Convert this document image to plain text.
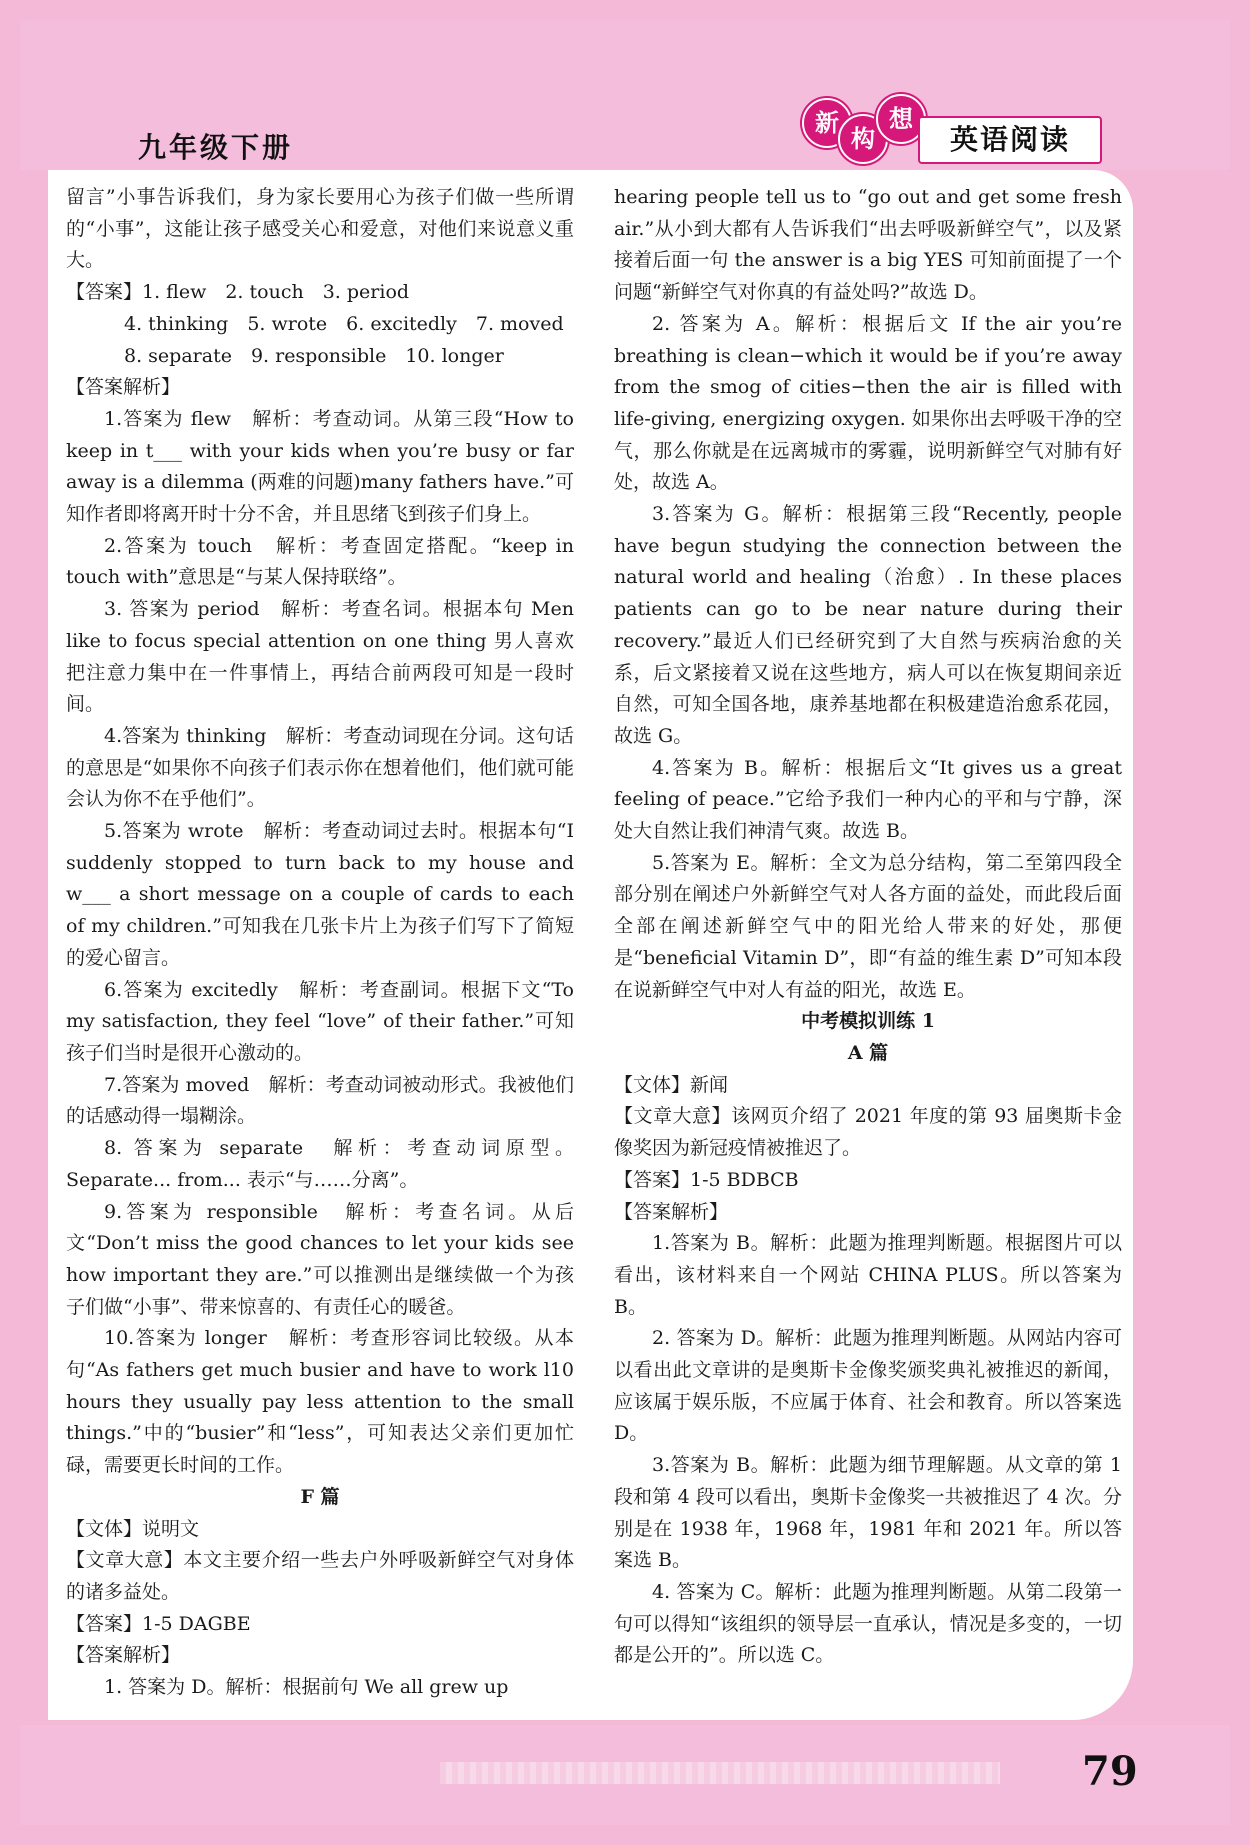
九年级下册
新
构
想
英语阅读

留言”小事告诉我们，身为家长要用心为孩子们做一些所谓的“小事”，这能让孩子感受关心和爱意，对他们来说意义重大。

【答案】1. flew　2. touch　3. period

4. thinking　5. wrote　6. excitedly　7. moved

8. separate　9. responsible　10. longer

【答案解析】

1.答案为 flew　解析：考查动词。从第三段“How to keep in t___ with your kids when you’re busy or far away is a dilemma (两难的问题)many fathers have.”可知作者即将离开时十分不舍，并且思绪飞到孩子们身上。

2.答案为 touch　解析：考查固定搭配。“keep in touch with”意思是“与某人保持联络”。

3. 答案为 period　解析：考查名词。根据本句 Men like to focus special attention on one thing 男人喜欢把注意力集中在一件事情上，再结合前两段可知是一段时间。

4.答案为 thinking　解析：考查动词现在分词。这句话的意思是“如果你不向孩子们表示你在想着他们，他们就可能会认为你不在乎他们”。

5.答案为 wrote　解析：考查动词过去时。根据本句“I suddenly stopped to turn back to my house and w___ a short message on a couple of cards to each of my children.”可知我在几张卡片上为孩子们写下了简短的爱心留言。

6.答案为 excitedly　解析：考查副词。根据下文“To my satisfaction, they feel “love” of their father.”可知孩子们当时是很开心激动的。

7.答案为 moved　解析：考查动词被动形式。我被他们的话感动得一塌糊涂。

8. 答案为 separate　解析：考查动词原型。Separate... from... 表示“与……分离”。

9.答案为 responsible　解析：考查名词。从后文“Don’t miss the good chances to let your kids see how important they are.”可以推测出是继续做一个为孩子们做“小事”、带来惊喜的、有责任心的暖爸。

10.答案为 longer　解析：考查形容词比较级。从本句“As fathers get much busier and have to work l10 hours they usually pay less attention to the small things.”中的“busier”和“less”，可知表达父亲们更加忙碌，需要更长时间的工作。

F 篇

【文体】说明文

【文章大意】本文主要介绍一些去户外呼吸新鲜空气对身体的诸多益处。

【答案】1-5 DAGBE

【答案解析】

1. 答案为 D。解析：根据前句 We all grew up

hearing people tell us to “go out and get some fresh air.”从小到大都有人告诉我们“出去呼吸新鲜空气”，以及紧接着后面一句 the answer is a big YES 可知前面提了一个问题“新鲜空气对你真的有益处吗?”故选 D。

2. 答案为 A。解析：根据后文 If the air you’re breathing is clean−which it would be if you’re away from the smog of cities−then the air is filled with life-giving, energizing oxygen. 如果你出去呼吸干净的空气，那么你就是在远离城市的雾霾，说明新鲜空气对肺有好处，故选 A。

3.答案为 G。解析：根据第三段“Recently, people have begun studying the connection between the natural world and healing（治愈）. In these places patients can go to be near nature during their recovery.”最近人们已经研究到了大自然与疾病治愈的关系，后文紧接着又说在这些地方，病人可以在恢复期间亲近自然，可知全国各地，康养基地都在积极建造治愈系花园，故选 G。

4.答案为 B。解析：根据后文“It gives us a great feeling of peace.”它给予我们一种内心的平和与宁静，深处大自然让我们神清气爽。故选 B。

5.答案为 E。解析：全文为总分结构，第二至第四段全部分别在阐述户外新鲜空气对人各方面的益处，而此段后面全部在阐述新鲜空气中的阳光给人带来的好处，那便是“beneficial Vitamin D”，即“有益的维生素 D”可知本段在说新鲜空气中对人有益的阳光，故选 E。

中考模拟训练 1

A 篇

【文体】新闻

【文章大意】该网页介绍了 2021 年度的第 93 届奥斯卡金像奖因为新冠疫情被推迟了。

【答案】1-5 BDBCB

【答案解析】

1.答案为 B。解析：此题为推理判断题。根据图片可以看出，该材料来自一个网站 CHINA PLUS。所以答案为 B。

2. 答案为 D。解析：此题为推理判断题。从网站内容可以看出此文章讲的是奥斯卡金像奖颁奖典礼被推迟的新闻，应该属于娱乐版，不应属于体育、社会和教育。所以答案选 D。

3.答案为 B。解析：此题为细节理解题。从文章的第 1 段和第 4 段可以看出，奥斯卡金像奖一共被推迟了 4 次。分别是在 1938 年，1968 年，1981 年和 2021 年。所以答案选 B。

4. 答案为 C。解析：此题为推理判断题。从第二段第一句可以得知“该组织的领导层一直承认，情况是多变的，一切都是公开的”。所以选 C。

79
